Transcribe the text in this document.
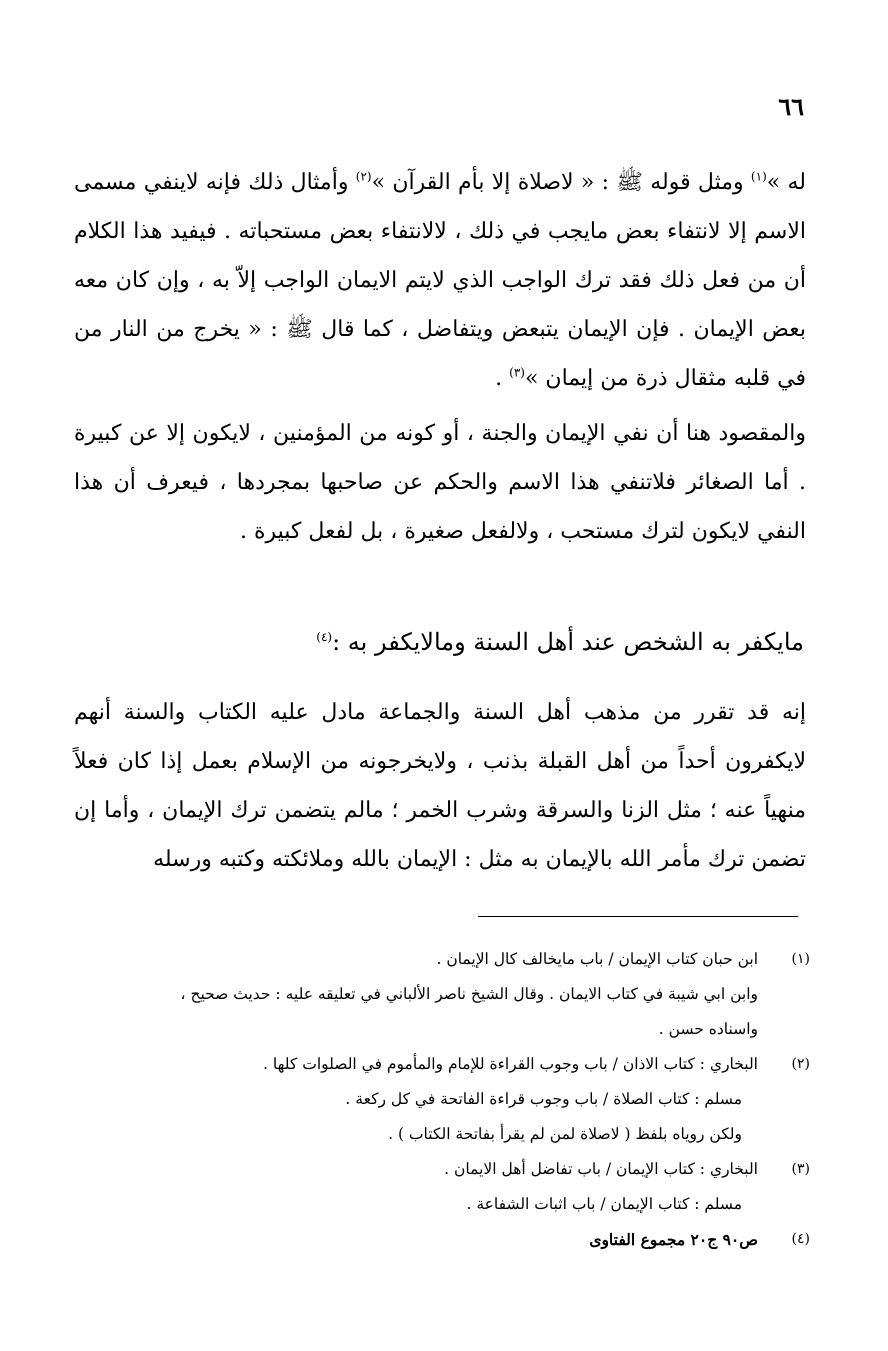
٦٦
له »$^{(١)}$ ومثل قوله ﷺ : « لاصلاة إلا بأم القرآن »$^{(٢)}$ وأمثال ذلك فإنه لاينفي مسمى الاسم إلا لانتفاء بعض مايجب في ذلك ، لالانتفاء بعض مستحباته . فيفيد هذا الكلام أن من فعل ذلك فقد ترك الواجب الذي لايتم الايمان الواجب إلاّ به ، وإن كان معه بعض الإيمان . فإن الإيمان يتبعض ويتفاضل ، كما قال ﷺ : « يخرج من النار من في قلبه مثقال ذرة من إيمان »$^{(٣)}$ .
والمقصود هنا أن نفي الإيمان والجنة ، أو كونه من المؤمنين ، لايكون إلا عن كبيرة . أما الصغائر فلاتنفي هذا الاسم والحكم عن صاحبها بمجردها ، فيعرف أن هذا النفي لايكون لترك مستحب ، ولالفعل صغيرة ، بل لفعل كبيرة .
مايكفر به الشخص عند أهل السنة ومالايكفر به :$^{(٤)}$
إنه قد تقرر من مذهب أهل السنة والجماعة مادل عليه الكتاب والسنة أنهم لايكفرون أحداً من أهل القبلة بذنب ، ولايخرجونه من الإسلام بعمل إذا كان فعلاً منهياً عنه ؛ مثل الزنا والسرقة وشرب الخمر ؛ مالم يتضمن ترك الإيمان ، وأما إن تضمن ترك مأمر الله بالإيمان به مثل : الإيمان بالله وملائكته وكتبه ورسله
(١)
ابن حبان كتاب الإيمان / باب مايخالف كال الإيمان .
وابن ابي شيبة في كتاب الايمان . وقال الشيخ ناصر الألباني في تعليقه عليه : حديث صحيح ،
واسناده حسن .
(٢)
البخاري : كتاب الاذان / باب وجوب القراءة للإمام والمأموم في الصلوات كلها .
مسلم : كتاب الصلاة / باب وجوب قراءة الفاتحة في كل ركعة .
ولكن روياه بلفظ ( لاصلاة لمن لم يقرأ بفاتحة الكتاب ) .
(٣)
البخاري : كتاب الإيمان / باب تفاضل أهل الايمان .
مسلم : كتاب الإيمان / باب اثبات الشفاعة .
(٤)
ص٩٠ ج٢٠ مجموع الفتاوى
